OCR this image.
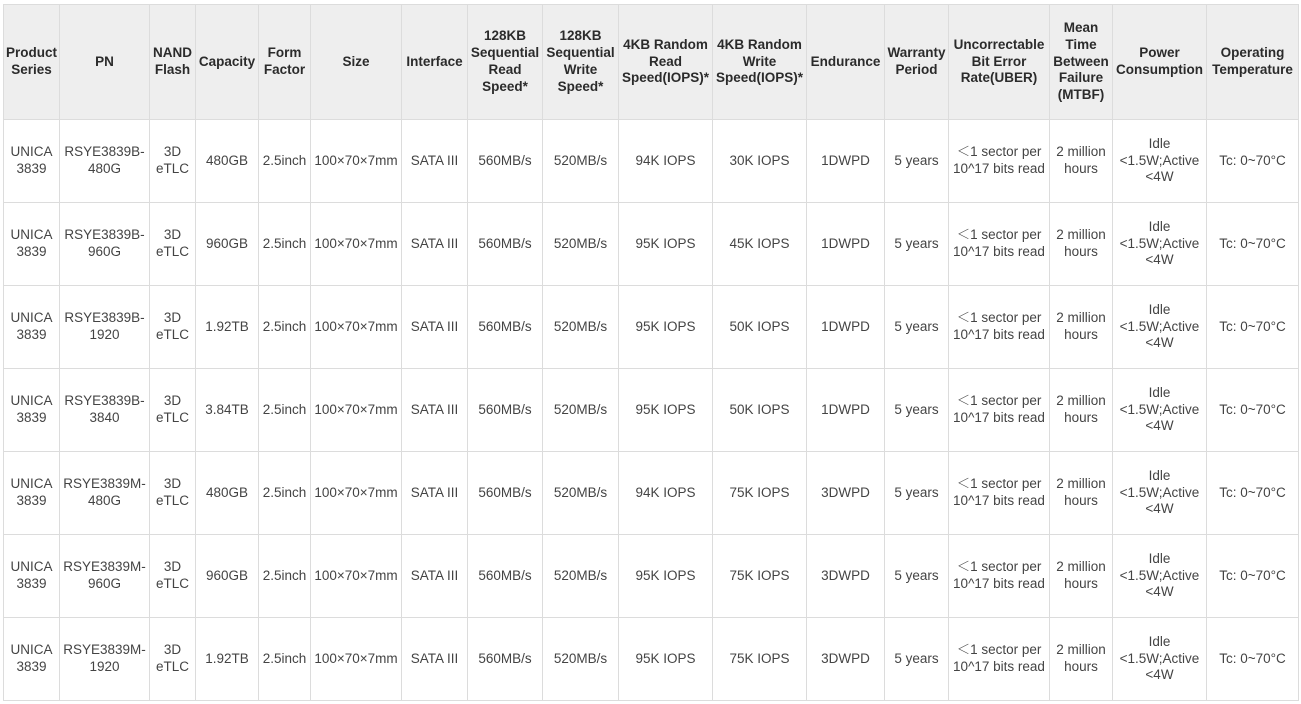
Product Series	PN	NAND Flash	Capacity	Form Factor	Size	Interface	128KB Sequential Read Speed*	128KB Sequential Write Speed*	4KB Random Read Speed(IOPS)*	4KB Random Write Speed(IOPS)*	Endurance	Warranty Period	Uncorrectable Bit Error Rate(UBER)	Mean Time Between Failure (MTBF)	Power Consumption	Operating Temperature
UNICA 3839	RSYE3839B-480G	3D eTLC	480GB	2.5inch	100×70×7mm	SATA III	560MB/s	520MB/s	94K IOPS	30K IOPS	1DWPD	5 years	＜1 sector per 10^17 bits read	2 million hours	Idle <1.5W;Active <4W	Tc: 0~70°C
UNICA 3839	RSYE3839B-960G	3D eTLC	960GB	2.5inch	100×70×7mm	SATA III	560MB/s	520MB/s	95K IOPS	45K IOPS	1DWPD	5 years	＜1 sector per 10^17 bits read	2 million hours	Idle <1.5W;Active <4W	Tc: 0~70°C
UNICA 3839	RSYE3839B-1920	3D eTLC	1.92TB	2.5inch	100×70×7mm	SATA III	560MB/s	520MB/s	95K IOPS	50K IOPS	1DWPD	5 years	＜1 sector per 10^17 bits read	2 million hours	Idle <1.5W;Active <4W	Tc: 0~70°C
UNICA 3839	RSYE3839B-3840	3D eTLC	3.84TB	2.5inch	100×70×7mm	SATA III	560MB/s	520MB/s	95K IOPS	50K IOPS	1DWPD	5 years	＜1 sector per 10^17 bits read	2 million hours	Idle <1.5W;Active <4W	Tc: 0~70°C
UNICA 3839	RSYE3839M-480G	3D eTLC	480GB	2.5inch	100×70×7mm	SATA III	560MB/s	520MB/s	94K IOPS	75K IOPS	3DWPD	5 years	＜1 sector per 10^17 bits read	2 million hours	Idle <1.5W;Active <4W	Tc: 0~70°C
UNICA 3839	RSYE3839M-960G	3D eTLC	960GB	2.5inch	100×70×7mm	SATA III	560MB/s	520MB/s	95K IOPS	75K IOPS	3DWPD	5 years	＜1 sector per 10^17 bits read	2 million hours	Idle <1.5W;Active <4W	Tc: 0~70°C
UNICA 3839	RSYE3839M-1920	3D eTLC	1.92TB	2.5inch	100×70×7mm	SATA III	560MB/s	520MB/s	95K IOPS	75K IOPS	3DWPD	5 years	＜1 sector per 10^17 bits read	2 million hours	Idle <1.5W;Active <4W	Tc: 0~70°C
